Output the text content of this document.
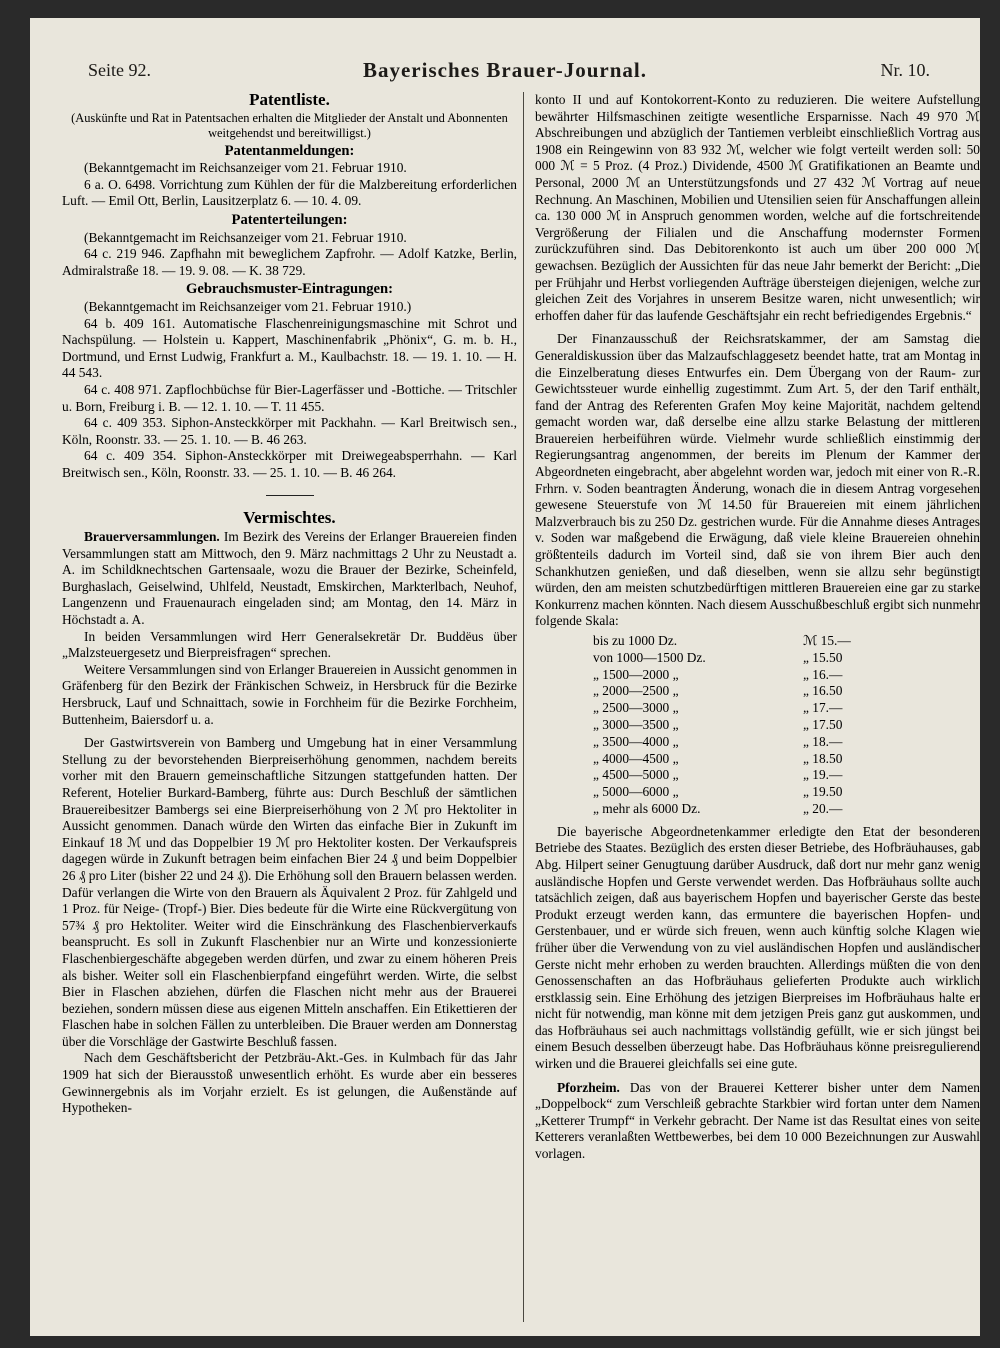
Seite 92.	Bayerisches Brauer-Journal.	Nr. 10.
Patentliste.

(Auskünfte und Rat in Patentsachen erhalten die Mitglieder der Anstalt und Abonnenten weitgehendst und bereitwilligst.)

Patentanmeldungen:

(Bekanntgemacht im Reichsanzeiger vom 21. Februar 1910.

6 a. O. 6498. Vorrichtung zum Kühlen der für die Malzbereitung erforderlichen Luft. — Emil Ott, Berlin, Lausitzerplatz 6. — 10. 4. 09.

Patenterteilungen:

(Bekanntgemacht im Reichsanzeiger vom 21. Februar 1910.

64 c. 219 946. Zapfhahn mit beweglichem Zapfrohr. — Adolf Katzke, Berlin, Admiralstraße 18. — 19. 9. 08. — K. 38 729.

Gebrauchsmuster-Eintragungen:

(Bekanntgemacht im Reichsanzeiger vom 21. Februar 1910.)

64 b. 409 161. Automatische Flaschenreinigungsmaschine mit Schrot und Nachspülung. — Holstein u. Kappert, Maschinenfabrik „Phönix“, G. m. b. H., Dortmund, und Ernst Ludwig, Frankfurt a. M., Kaulbachstr. 18. — 19. 1. 10. — H. 44 543.

64 c. 408 971. Zapflochbüchse für Bier-Lagerfässer und -Bottiche. — Tritschler u. Born, Freiburg i. B. — 12. 1. 10. — T. 11 455.

64 c. 409 353. Siphon-Ansteckkörper mit Packhahn. — Karl Breitwisch sen., Köln, Roonstr. 33. — 25. 1. 10. — B. 46 263.

64 c. 409 354. Siphon-Ansteckkörper mit Dreiwegeabsperrhahn. — Karl Breitwisch sen., Köln, Roonstr. 33. — 25. 1. 10. — B. 46 264.

Vermischtes.

Brauerversammlungen. Im Bezirk des Vereins der Erlanger Brauereien finden Versammlungen statt am Mittwoch, den 9. März nachmittags 2 Uhr zu Neustadt a. A. im Schildknechtschen Gartensaale, wozu die Brauer der Bezirke, Scheinfeld, Burghaslach, Geiselwind, Uhlfeld, Neustadt, Emskirchen, Markterlbach, Neuhof, Langenzenn und Frauenaurach eingeladen sind; am Montag, den 14. März in Höchstadt a. A.

In beiden Versammlungen wird Herr Generalsekretär Dr. Buddëus über „Malzsteuergesetz und Bierpreisfragen“ sprechen.

Weitere Versammlungen sind von Erlanger Brauereien in Aussicht genommen in Gräfenberg für den Bezirk der Fränkischen Schweiz, in Hersbruck für die Bezirke Hersbruck, Lauf und Schnaittach, sowie in Forchheim für die Bezirke Forchheim, Buttenheim, Baiersdorf u. a.

Der Gastwirtsverein von Bamberg und Umgebung hat in einer Versammlung Stellung zu der bevorstehenden Bierpreiserhöhung genommen, nachdem bereits vorher mit den Brauern gemeinschaftliche Sitzungen stattgefunden hatten. Der Referent, Hotelier Burkard-Bamberg, führte aus: Durch Beschluß der sämtlichen Brauereibesitzer Bambergs sei eine Bierpreiserhöhung von 2 ℳ pro Hektoliter in Aussicht genommen. Danach würde den Wirten das einfache Bier in Zukunft im Einkauf 18 ℳ und das Doppelbier 19 ℳ pro Hektoliter kosten. Der Verkaufspreis dagegen würde in Zukunft betragen beim einfachen Bier 24 ₰ und beim Doppelbier 26 ₰ pro Liter (bisher 22 und 24 ₰). Die Erhöhung soll den Brauern belassen werden. Dafür verlangen die Wirte von den Brauern als Äquivalent 2 Proz. für Zahlgeld und 1 Proz. für Neige- (Tropf-) Bier. Dies bedeute für die Wirte eine Rückvergütung von 57¾ ₰ pro Hektoliter. Weiter wird die Einschränkung des Flaschenbierverkaufs beansprucht. Es soll in Zukunft Flaschenbier nur an Wirte und konzessionierte Flaschenbiergeschäfte abgegeben werden dürfen, und zwar zu einem höheren Preis als bisher. Weiter soll ein Flaschenbierpfand eingeführt werden. Wirte, die selbst Bier in Flaschen abziehen, dürfen die Flaschen nicht mehr aus der Brauerei beziehen, sondern müssen diese aus eigenen Mitteln anschaffen. Ein Etikettieren der Flaschen habe in solchen Fällen zu unterbleiben. Die Brauer werden am Donnerstag über die Vorschläge der Gastwirte Beschluß fassen.

Nach dem Geschäftsbericht der Petzbräu-Akt.-Ges. in Kulmbach für das Jahr 1909 hat sich der Bierausstoß unwesentlich erhöht. Es wurde aber ein besseres Gewinnergebnis als im Vorjahr erzielt. Es ist gelungen, die Außenstände auf Hypotheken-

konto II und auf Kontokorrent-Konto zu reduzieren. Die weitere Aufstellung bewährter Hilfsmaschinen zeitigte wesentliche Ersparnisse. Nach 49 970 ℳ Abschreibungen und abzüglich der Tantiemen verbleibt einschließlich Vortrag aus 1908 ein Reingewinn von 83 932 ℳ, welcher wie folgt verteilt werden soll: 50 000 ℳ = 5 Proz. (4 Proz.) Dividende, 4500 ℳ Gratifikationen an Beamte und Personal, 2000 ℳ an Unterstützungsfonds und 27 432 ℳ Vortrag auf neue Rechnung. An Maschinen, Mobilien und Utensilien seien für Anschaffungen allein ca. 130 000 ℳ in Anspruch genommen worden, welche auf die fortschreitende Vergrößerung der Filialen und die Anschaffung modernster Formen zurückzuführen sind. Das Debitorenkonto ist auch um über 200 000 ℳ gewachsen. Bezüglich der Aussichten für das neue Jahr bemerkt der Bericht: „Die per Frühjahr und Herbst vorliegenden Aufträge übersteigen diejenigen, welche zur gleichen Zeit des Vorjahres in unserem Besitze waren, nicht unwesentlich; wir erhoffen daher für das laufende Geschäftsjahr ein recht befriedigendes Ergebnis.“

Der Finanzausschuß der Reichsratskammer, der am Samstag die Generaldiskussion über das Malzaufschlaggesetz beendet hatte, trat am Montag in die Einzelberatung dieses Entwurfes ein. Dem Übergang von der Raum- zur Gewichtssteuer wurde einhellig zugestimmt. Zum Art. 5, der den Tarif enthält, fand der Antrag des Referenten Grafen Moy keine Majorität, nachdem geltend gemacht worden war, daß derselbe eine allzu starke Belastung der mittleren Brauereien herbeiführen würde. Vielmehr wurde schließlich einstimmig der Regierungsantrag angenommen, der bereits im Plenum der Kammer der Abgeordneten eingebracht, aber abgelehnt worden war, jedoch mit einer von R.-R. Frhrn. v. Soden beantragten Änderung, wonach die in diesem Antrag vorgesehen gewesene Steuerstufe von ℳ 14.50 für Brauereien mit einem jährlichen Malzverbrauch bis zu 250 Dz. gestrichen wurde. Für die Annahme dieses Antrages v. Soden war maßgebend die Erwägung, daß viele kleine Brauereien ohnehin größtenteils dadurch im Vorteil sind, daß sie von ihrem Bier auch den Schankhutzen genießen, und daß dieselben, wenn sie allzu sehr begünstigt würden, den am meisten schutzbedürftigen mittleren Brauereien eine gar zu starke Konkurrenz machen könnten. Nach diesem Ausschußbeschluß ergibt sich nunmehr folgende Skala:

bis zu 1000 Dz.	ℳ 15.—
von 1000—1500 Dz.	„ 15.50
„ 1500—2000 „	„ 16.—
„ 2000—2500 „	„ 16.50
„ 2500—3000 „	„ 17.—
„ 3000—3500 „	„ 17.50
„ 3500—4000 „	„ 18.—
„ 4000—4500 „	„ 18.50
„ 4500—5000 „	„ 19.—
„ 5000—6000 „	„ 19.50
„ mehr als 6000 Dz.	„ 20.—

Die bayerische Abgeordnetenkammer erledigte den Etat der besonderen Betriebe des Staates. Bezüglich des ersten dieser Betriebe, des Hofbräuhauses, gab Abg. Hilpert seiner Genugtuung darüber Ausdruck, daß dort nur mehr ganz wenig ausländische Hopfen und Gerste verwendet werden. Das Hofbräuhaus sollte auch tatsächlich zeigen, daß aus bayerischem Hopfen und bayerischer Gerste das beste Produkt erzeugt werden kann, das ermuntere die bayerischen Hopfen- und Gerstenbauer, und er würde sich freuen, wenn auch künftig solche Klagen wie früher über die Verwendung von zu viel ausländischen Hopfen und ausländischer Gerste nicht mehr erhoben zu werden brauchten. Allerdings müßten die von den Genossenschaften an das Hofbräuhaus gelieferten Produkte auch wirklich erstklassig sein. Eine Erhöhung des jetzigen Bierpreises im Hofbräuhaus halte er nicht für notwendig, man könne mit dem jetzigen Preis ganz gut auskommen, und das Hofbräuhaus sei auch nachmittags vollständig gefüllt, wie er sich jüngst bei einem Besuch desselben überzeugt habe. Das Hofbräuhaus könne preisregulierend wirken und die Brauerei gleichfalls sei eine gute.

Pforzheim. Das von der Brauerei Ketterer bisher unter dem Namen „Doppelbock“ zum Verschleiß gebrachte Starkbier wird fortan unter dem Namen „Ketterer Trumpf“ in Verkehr gebracht. Der Name ist das Resultat eines von seite Ketterers veranlaßten Wettbewerbes, bei dem 10 000 Bezeichnungen zur Auswahl vorlagen.
